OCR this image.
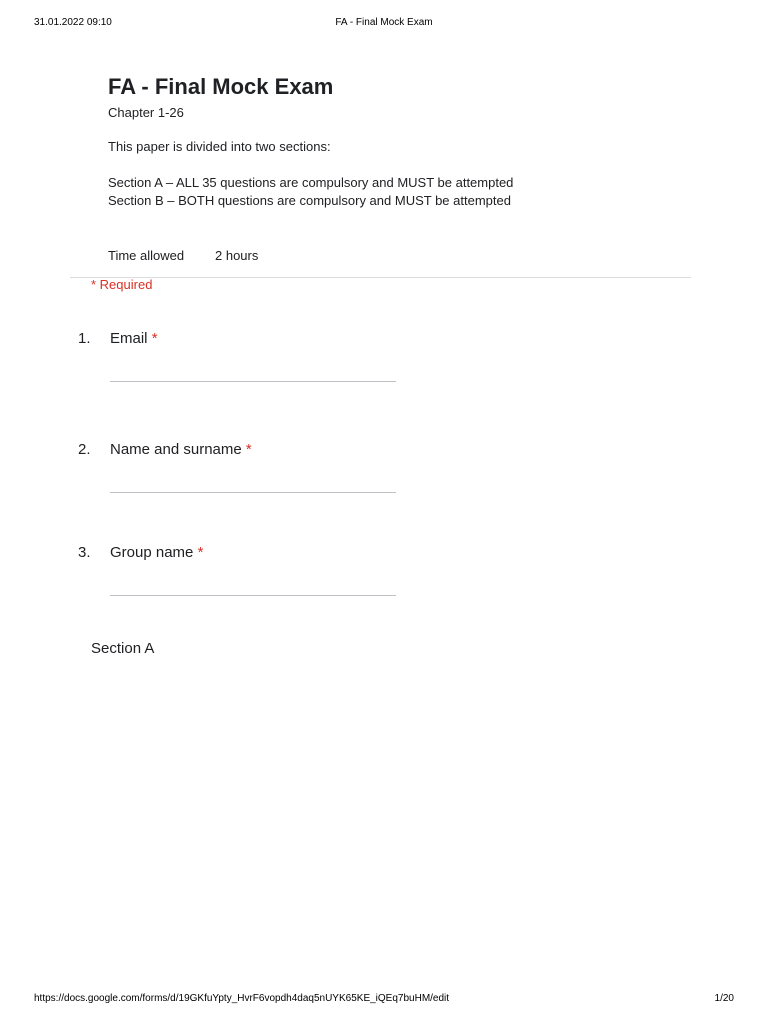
31.01.2022 09:10	FA - Final Mock Exam
FA - Final Mock Exam
Chapter 1-26
This paper is divided into two sections:
Section A – ALL 35 questions are compulsory and MUST be attempted
Section B – BOTH questions are compulsory and MUST be attempted
Time allowed 2 hours
* Required
1. Email *
2. Name and surname *
3. Group name *
Section A
https://docs.google.com/forms/d/19GKfuYpty_HvrF6vopdh4daq5nUYK65KE_iQEq7buHM/edit	1/20
